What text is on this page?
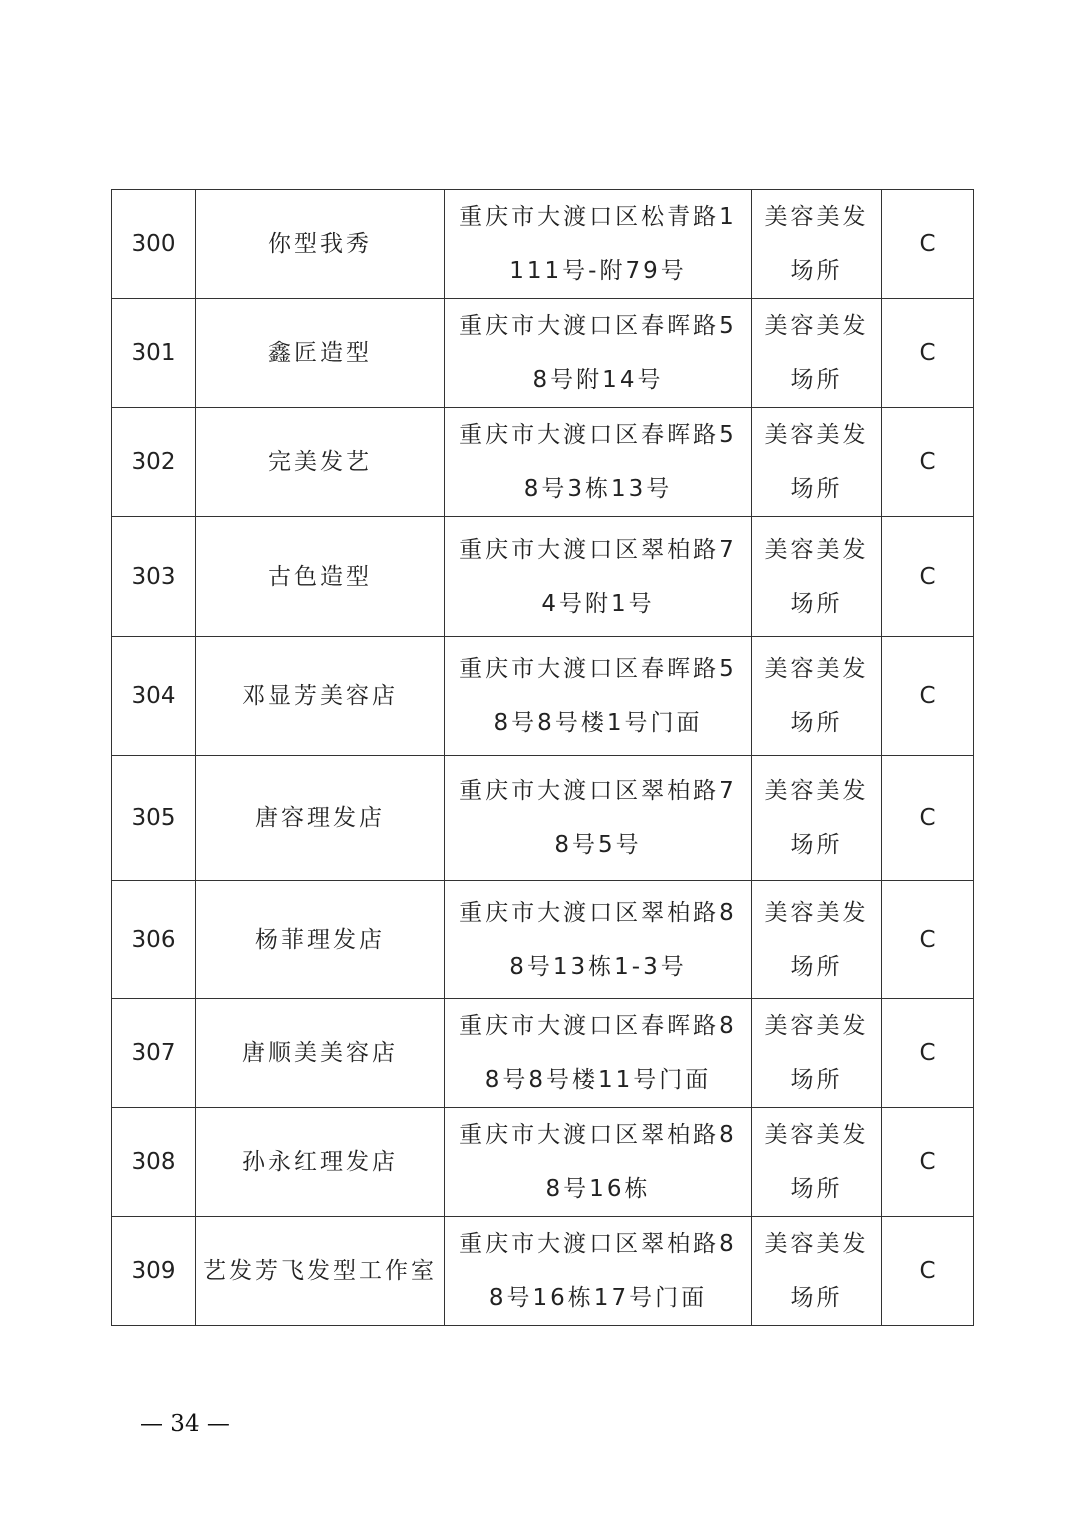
300	你型我秀	重庆市大渡口区松青路1111号-附79号	美容美发场所	C
301	鑫匠造型	重庆市大渡口区春晖路58号附14号	美容美发场所	C
302	完美发艺	重庆市大渡口区春晖路58号3栋13号	美容美发场所	C
303	古色造型	重庆市大渡口区翠柏路74号附1号	美容美发场所	C
304	邓显芳美容店	重庆市大渡口区春晖路58号8号楼1号门面	美容美发场所	C
305	唐容理发店	重庆市大渡口区翠柏路78号5号	美容美发场所	C
306	杨菲理发店	重庆市大渡口区翠柏路88号13栋1-3号	美容美发场所	C
307	唐顺美美容店	重庆市大渡口区春晖路88号8号楼11号门面	美容美发场所	C
308	孙永红理发店	重庆市大渡口区翠柏路88号16栋	美容美发场所	C
309	艺发芳飞发型工作室	重庆市大渡口区翠柏路88号16栋17号门面	美容美发场所	C
— 34 —
